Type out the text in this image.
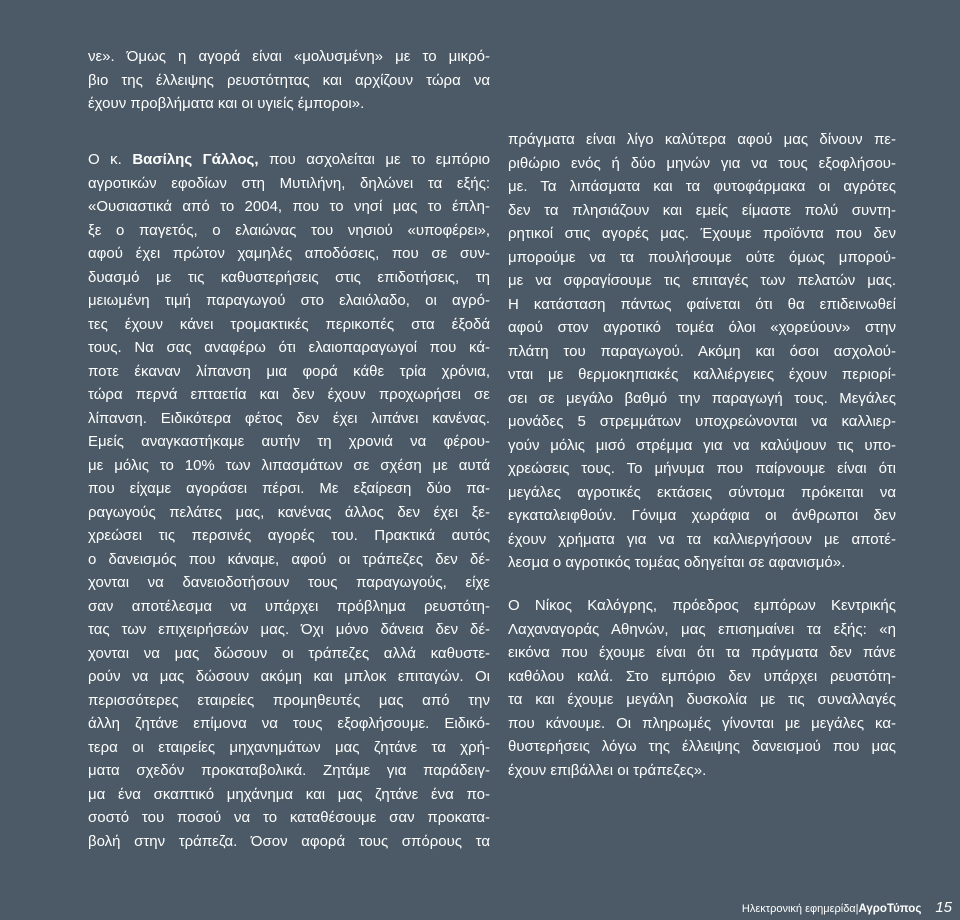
νε». Όμως η αγορά είναι «μολυσμένη» με το μικρό-
βιο της έλλειψης ρευστότητας και αρχίζουν τώρα να
έχουν προβλήματα και οι υγιείς έμποροι».
Ο κ. Βασίλης Γάλλος, που ασχολείται με το εμπόριο
αγροτικών εφοδίων στη Μυτιλήνη, δηλώνει τα εξής:
«Ουσιαστικά από το 2004, που το νησί μας το έπλη-
ξε ο παγετός, ο ελαιώνας του νησιού «υποφέρει»,
αφού έχει πρώτον χαμηλές αποδόσεις, που σε συν-
δυασμό με τις καθυστερήσεις στις επιδοτήσεις, τη
μειωμένη τιμή παραγωγού στο ελαιόλαδο, οι αγρό-
τες έχουν κάνει τρομακτικές περικοπές στα έξοδά
τους. Να σας αναφέρω ότι ελαιοπαραγωγοί που κά-
ποτε έκαναν λίπανση μια φορά κάθε τρία χρόνια,
τώρα περνά επταετία και δεν έχουν προχωρήσει σε
λίπανση. Ειδικότερα φέτος δεν έχει λιπάνει κανένας.
Εμείς αναγκαστήκαμε αυτήν τη χρονιά να φέρου-
με μόλις το 10% των λιπασμάτων σε σχέση με αυτά
που είχαμε αγοράσει πέρσι. Με εξαίρεση δύο πα-
ραγωγούς πελάτες μας, κανένας άλλος δεν έχει ξε-
χρεώσει τις περσινές αγορές του. Πρακτικά αυτός
ο δανεισμός που κάναμε, αφού οι τράπεζες δεν δέ-
χονται να δανειοδοτήσουν τους παραγωγούς, είχε
σαν αποτέλεσμα να υπάρχει πρόβλημα ρευστότη-
τας των επιχειρήσεών μας. Όχι μόνο δάνεια δεν δέ-
χονται να μας δώσουν οι τράπεζες αλλά καθυστε-
ρούν να μας δώσουν ακόμη και μπλοκ επιταγών. Οι
περισσότερες εταιρείες προμηθευτές μας από την
άλλη ζητάνε επίμονα να τους εξοφλήσουμε. Ειδικό-
τερα οι εταιρείες μηχανημάτων μας ζητάνε τα χρή-
ματα σχεδόν προκαταβολικά. Ζητάμε για παράδειγ-
μα ένα σκαπτικό μηχάνημα και μας ζητάνε ένα πο-
σοστό του ποσού να το καταθέσουμε σαν προκατα-
βολή στην τράπεζα. Όσον αφορά τους σπόρους τα
πράγματα είναι λίγο καλύτερα αφού μας δίνουν πε-
ριθώριο ενός ή δύο μηνών για να τους εξοφλήσου-
με. Τα λιπάσματα και τα φυτοφάρμακα οι αγρότες
δεν τα πλησιάζουν και εμείς είμαστε πολύ συντη-
ρητικοί στις αγορές μας. Έχουμε προϊόντα που δεν
μπορούμε να τα πουλήσουμε ούτε όμως μπορού-
με να σφραγίσουμε τις επιταγές των πελατών μας.
Η κατάσταση πάντως φαίνεται ότι θα επιδεινωθεί
αφού στον αγροτικό τομέα όλοι «χορεύουν» στην
πλάτη του παραγωγού. Ακόμη και όσοι ασχολού-
νται με θερμοκηπιακές καλλιέργειες έχουν περιορί-
σει σε μεγάλο βαθμό την παραγωγή τους. Μεγάλες
μονάδες 5 στρεμμάτων υποχρεώνονται να καλλιερ-
γούν μόλις μισό στρέμμα για να καλύψουν τις υπο-
χρεώσεις τους. Το μήνυμα που παίρνουμε είναι ότι
μεγάλες αγροτικές εκτάσεις σύντομα πρόκειται να
εγκαταλειφθούν. Γόνιμα χωράφια οι άνθρωποι δεν
έχουν χρήματα για να τα καλλιεργήσουν με αποτέ-
λεσμα ο αγροτικός τομέας οδηγείται σε αφανισμό».
Ο Νίκος Καλόγρης, πρόεδρος εμπόρων Κεντρικής
Λαχαναγοράς Αθηνών, μας επισημαίνει τα εξής: «η
εικόνα που έχουμε είναι ότι τα πράγματα δεν πάνε
καθόλου καλά. Στο εμπόριο δεν υπάρχει ρευστότη-
τα και έχουμε μεγάλη δυσκολία με τις συναλλαγές
που κάνουμε. Οι πληρωμές γίνονται με μεγάλες κα-
θυστερήσεις λόγω της έλλειψης δανεισμού που μας
έχουν επιβάλλει οι τράπεζες».
Ηλεκτρονική εφημερίδα|ΑγροΤύπος 15
